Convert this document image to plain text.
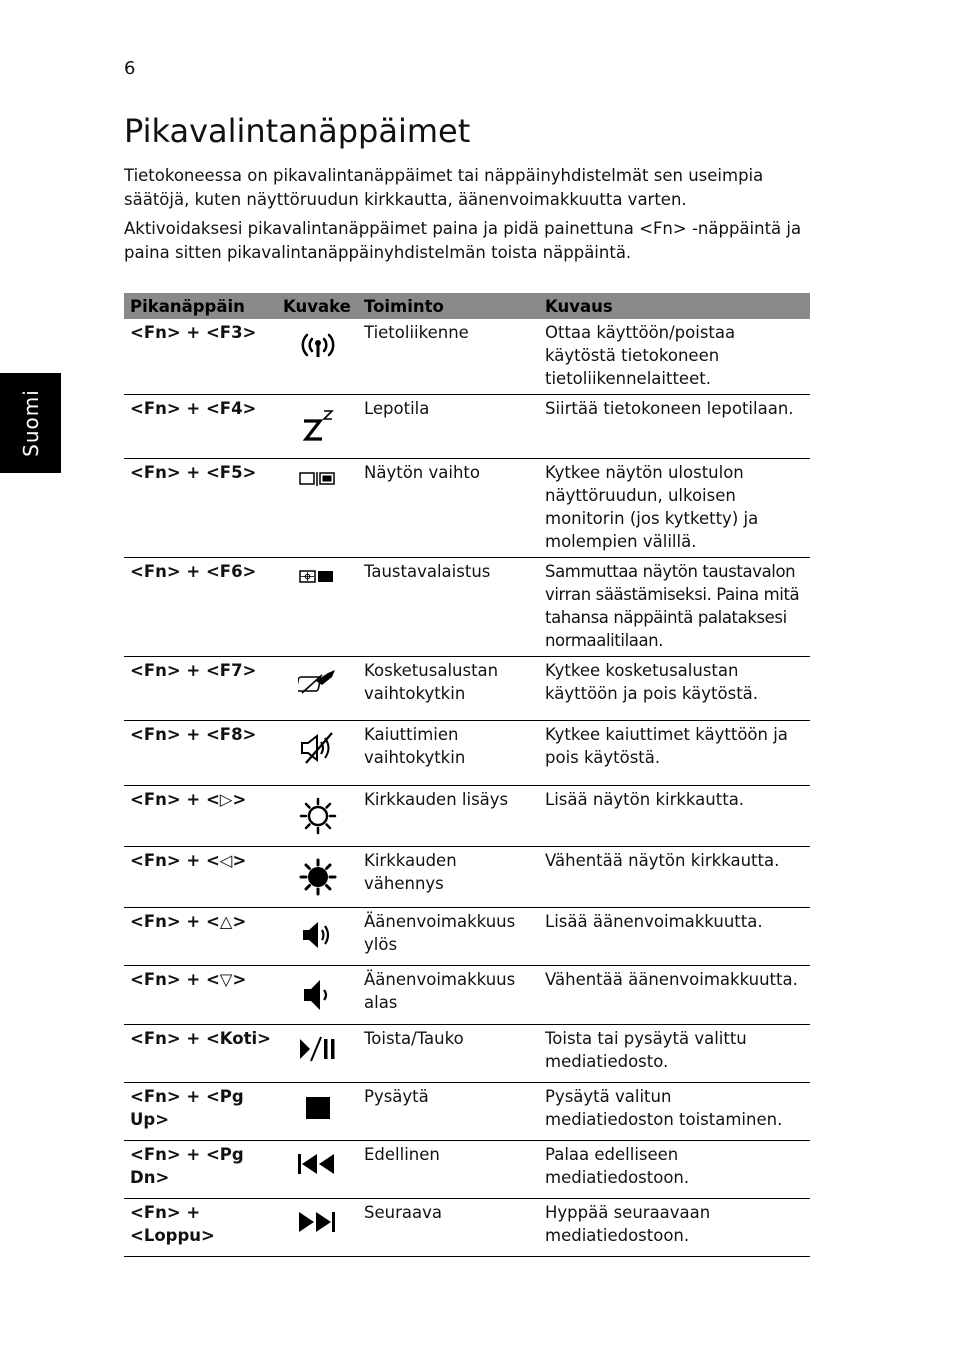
6
Suomi
Pikavalintanäppäimet

Tietokoneessa on pikavalintanäppäimet tai näppäinyhdistelmät sen useimpia säätöjä, kuten näyttöruudun kirkkautta, äänenvoimakkuutta varten.

Aktivoidaksesi pikavalintanäppäimet paina ja pidä painettuna <Fn> -näppäintä ja paina sitten pikavalintanäppäinyhdistelmän toista näppäintä.

Pikanäppäin	Kuvake	Toiminto	Kuvaus
<Fn> + <F3>		Tietoliikenne	Ottaa käyttöön/poistaa käytöstä tietokoneen tietoliikennelaitteet.
<Fn> + <F4>		Lepotila	Siirtää tietokoneen lepotilaan.
<Fn> + <F5>		Näytön vaihto	Kytkee näytön ulostulon näyttöruudun, ulkoisen monitorin (jos kytketty) ja molempien välillä.
<Fn> + <F6>		Taustavalaistus	Sammuttaa näytön taustavalon virran säästämiseksi. Paina mitä tahansa näppäintä palataksesi normaalitilaan.
<Fn> + <F7>		Kosketusalustan vaihtokytkin	Kytkee kosketusalustan käyttöön ja pois käytöstä.
<Fn> + <F8>		Kaiuttimien vaihtokytkin	Kytkee kaiuttimet käyttöön ja pois käytöstä.
<Fn> + <▷>		Kirkkauden lisäys	Lisää näytön kirkkautta.
<Fn> + <◁>		Kirkkauden vähennys	Vähentää näytön kirkkautta.
<Fn> + <△>		Äänenvoimakkuus ylös	Lisää äänenvoimakkuutta.
<Fn> + <▽>		Äänenvoimakkuus alas	Vähentää äänenvoimakkuutta.
<Fn> + <Koti>		Toista/Tauko	Toista tai pysäytä valittu mediatiedosto.
<Fn> + <Pg Up>		Pysäytä	Pysäytä valitun mediatiedoston toistaminen.
<Fn> + <Pg Dn>		Edellinen	Palaa edelliseen mediatiedostoon.
<Fn> + <Loppu>		Seuraava	Hyppää seuraavaan mediatiedostoon.
